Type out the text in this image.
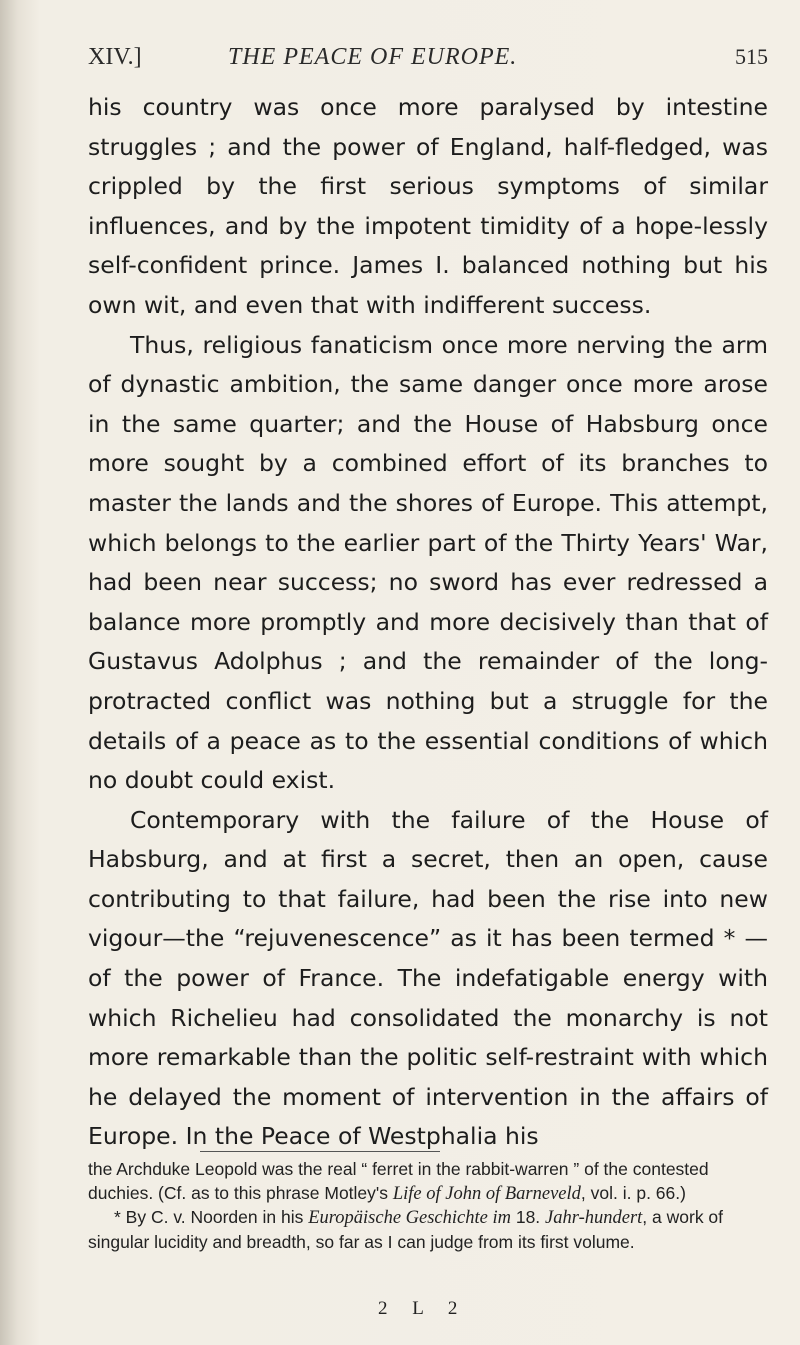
XIV.]	THE PEACE OF EUROPE.	515

his country was once more paralysed by intestine struggles ; and the power of England, half-fledged, was crippled by the first serious symptoms of similar influences, and by the impotent timidity of a hope-lessly self-confident prince. James I. balanced nothing but his own wit, and even that with indifferent success.

Thus, religious fanaticism once more nerving the arm of dynastic ambition, the same danger once more arose in the same quarter; and the House of Habsburg once more sought by a combined effort of its branches to master the lands and the shores of Europe. This attempt, which belongs to the earlier part of the Thirty Years' War, had been near success; no sword has ever redressed a balance more promptly and more decisively than that of Gustavus Adolphus ; and the remainder of the long-protracted conflict was nothing but a struggle for the details of a peace as to the essential conditions of which no doubt could exist.

Contemporary with the failure of the House of Habsburg, and at first a secret, then an open, cause contributing to that failure, had been the rise into new vigour—the “rejuvenescence” as it has been termed * —of the power of France. The indefatigable energy with which Richelieu had consolidated the monarchy is not more remarkable than the politic self-restraint with which he delayed the moment of intervention in the affairs of Europe. In the Peace of Westphalia his

the Archduke Leopold was the real “ ferret in the rabbit-warren ” of the contested duchies. (Cf. as to this phrase Motley's Life of John of Barneveld, vol. i. p. 66.)

* By C. v. Noorden in his Europäische Geschichte im 18. Jahr-hundert, a work of singular lucidity and breadth, so far as I can judge from its first volume.

2 L 2
